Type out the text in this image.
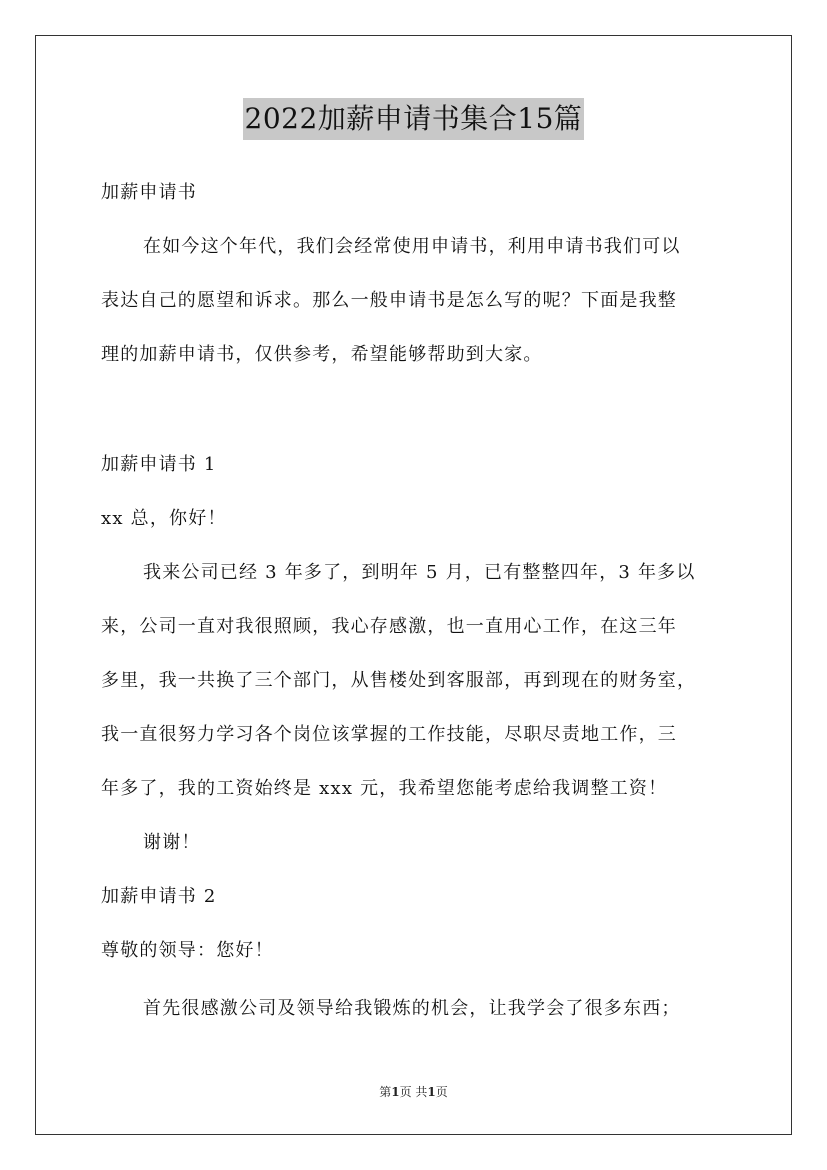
2022加薪申请书集合15篇
加薪申请书
在如今这个年代，我们会经常使用申请书，利用申请书我们可以
表达自己的愿望和诉求。那么一般申请书是怎么写的呢？下面是我整
理的加薪申请书，仅供参考，希望能够帮助到大家。
加薪申请书 1
xx 总，你好！
我来公司已经 3 年多了，到明年 5 月，已有整整四年，3 年多以
来，公司一直对我很照顾，我心存感激，也一直用心工作，在这三年
多里，我一共换了三个部门，从售楼处到客服部，再到现在的财务室，
我一直很努力学习各个岗位该掌握的工作技能，尽职尽责地工作，三
年多了，我的工资始终是 xxx 元，我希望您能考虑给我调整工资！
谢谢！
加薪申请书 2
尊敬的领导：您好！
首先很感激公司及领导给我锻炼的机会，让我学会了很多东西；
第1页 共1页
